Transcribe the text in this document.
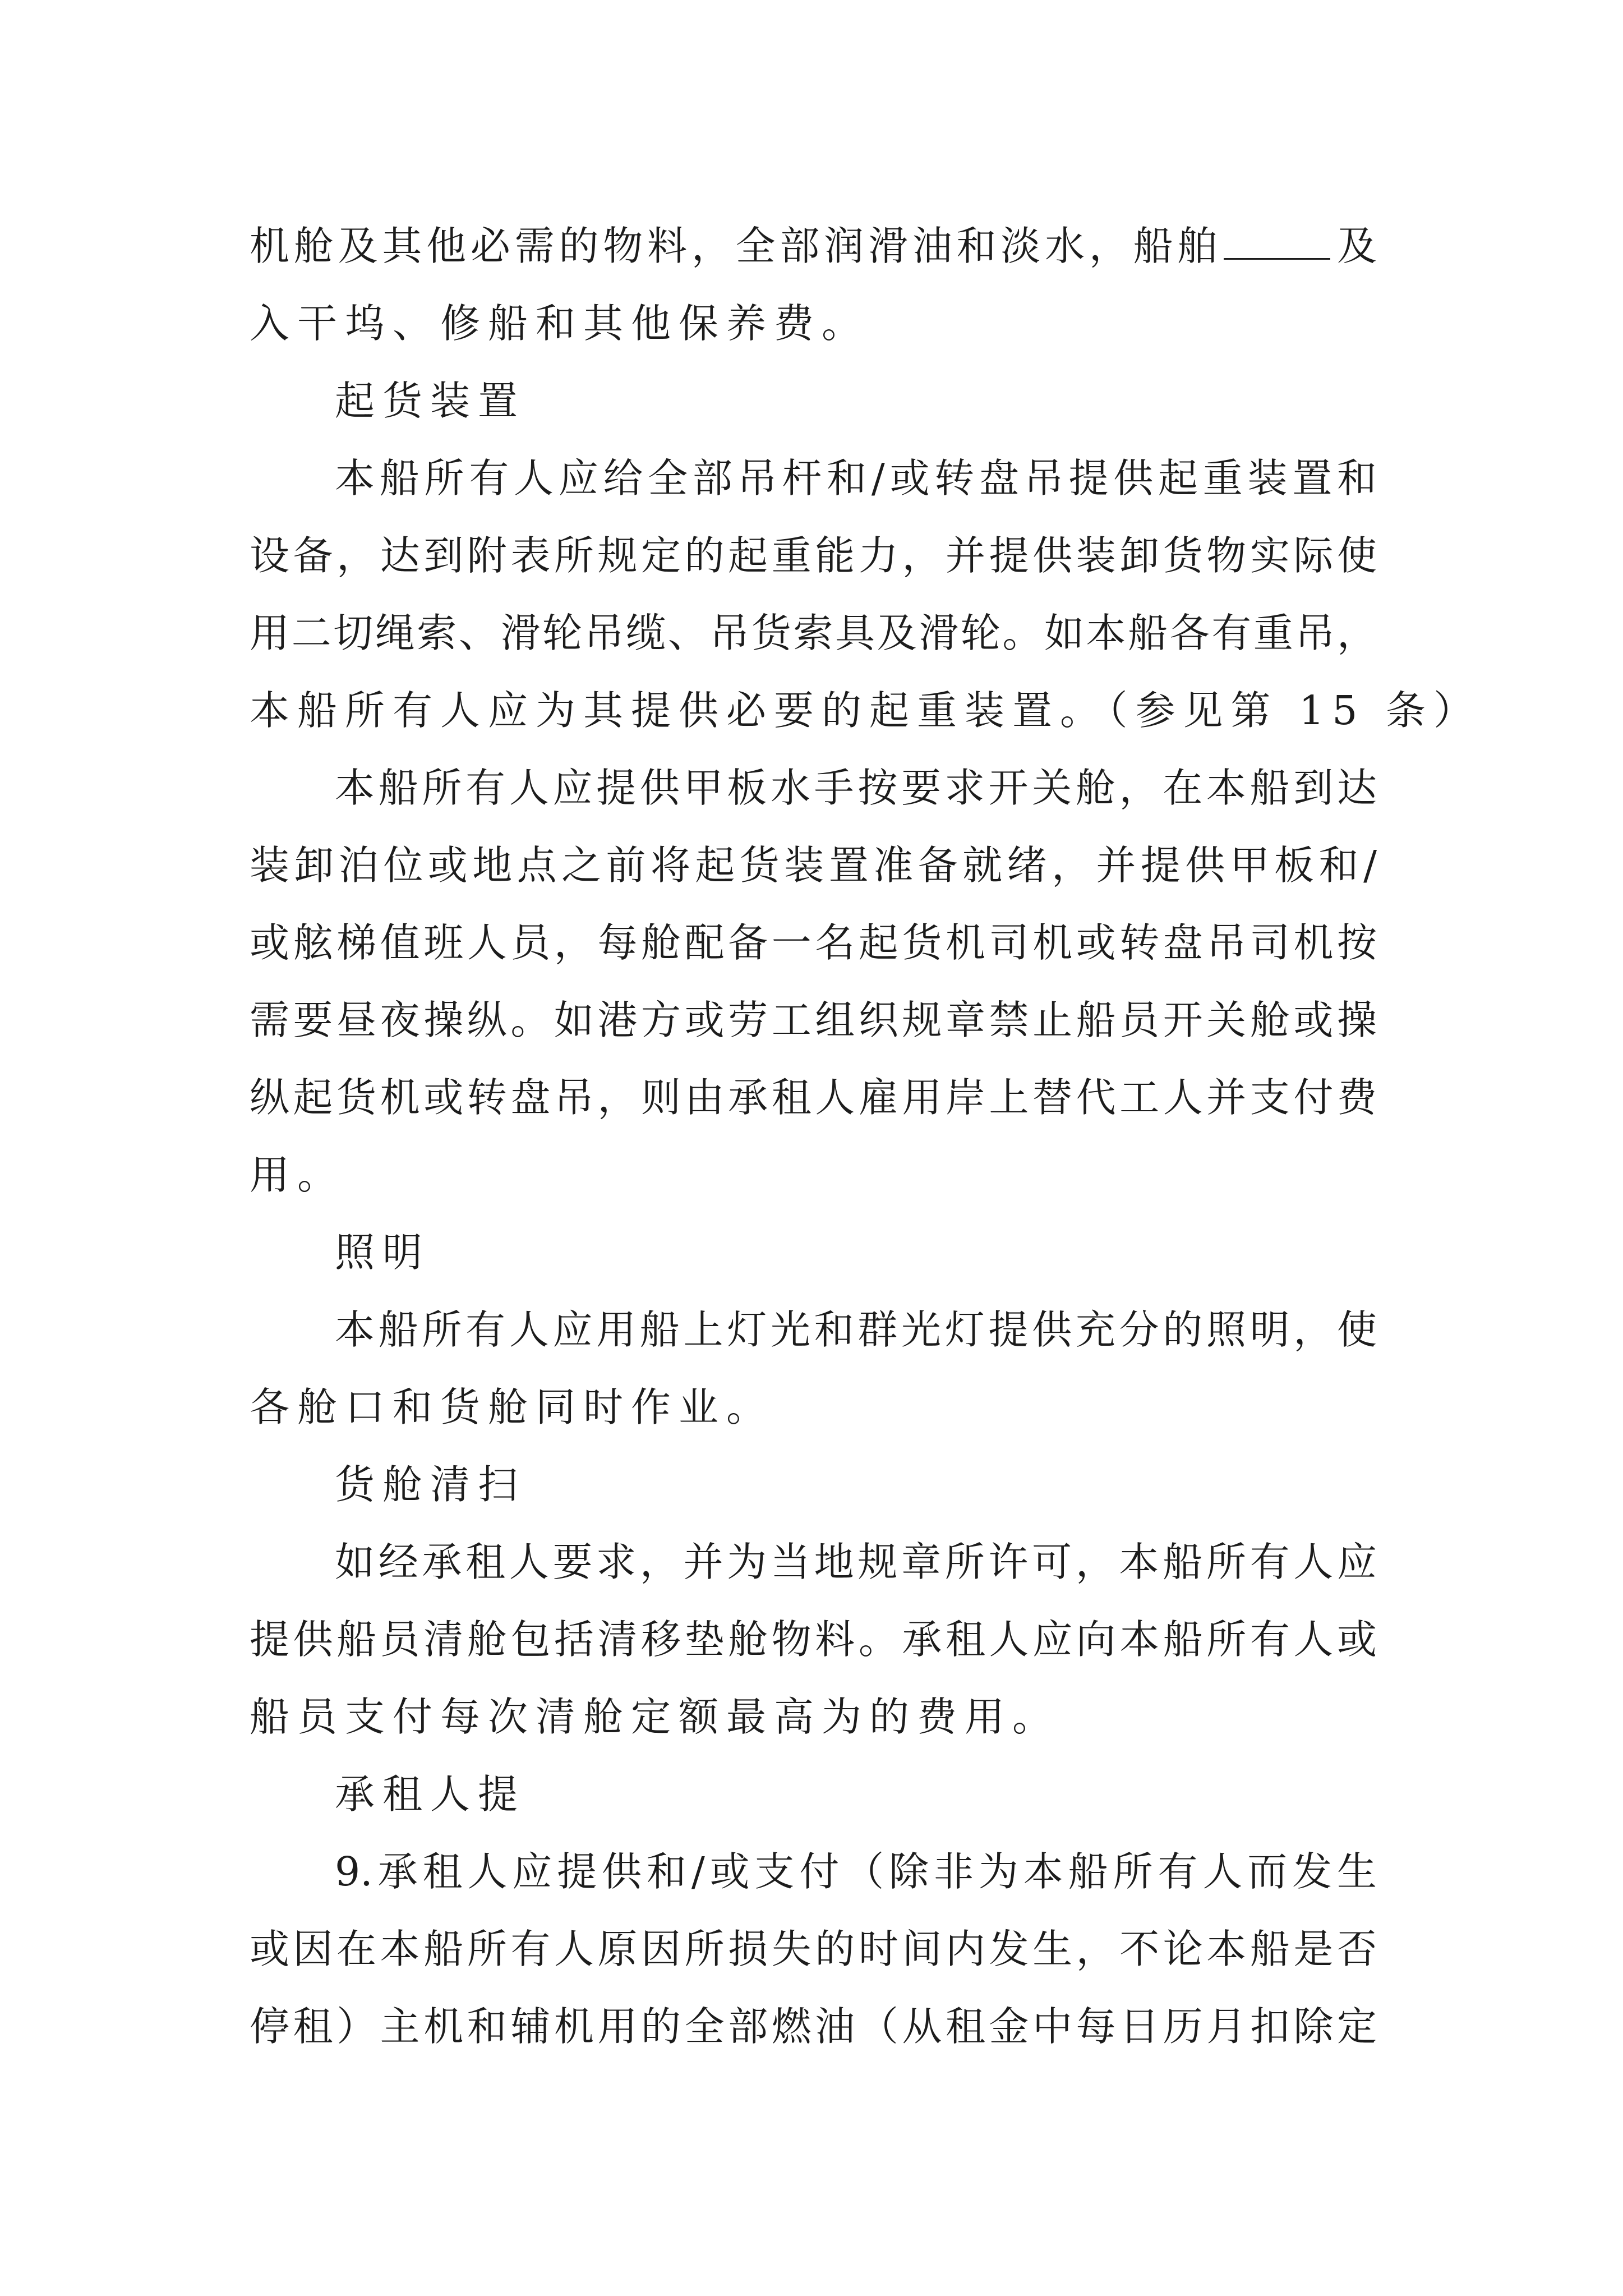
机舱及其他必需的物料，全部润滑油和淡水，船舶	及
入干坞、修船和其他保养费。
起货装置
本船所有人应给全部吊杆和/或转盘吊提供起重装置和
设备，达到附表所规定的起重能力，并提供装卸货物实际使
用二切绳索、滑轮吊缆、吊货索具及滑轮。如本船各有重吊，
本船所有人应为其提供必要的起重装置。（参见第 15 条）
本船所有人应提供甲板水手按要求开关舱，在本船到达
装卸泊位或地点之前将起货装置准备就绪，并提供甲板和/
或舷梯值班人员，每舱配备一名起货机司机或转盘吊司机按
需要昼夜操纵。如港方或劳工组织规章禁止船员开关舱或操
纵起货机或转盘吊，则由承租人雇用岸上替代工人并支付费
用。
照明
本船所有人应用船上灯光和群光灯提供充分的照明，使
各舱口和货舱同时作业。
货舱清扫
如经承租人要求，并为当地规章所许可，本船所有人应
提供船员清舱包括清移垫舱物料。承租人应向本船所有人或
船员支付每次清舱定额最高为的费用。
承租人提
9.承租人应提供和/或支付（除非为本船所有人而发生
或因在本船所有人原因所损失的时间内发生，不论本船是否
停租）主机和辅机用的全部燃油（从租金中每日历月扣除定
